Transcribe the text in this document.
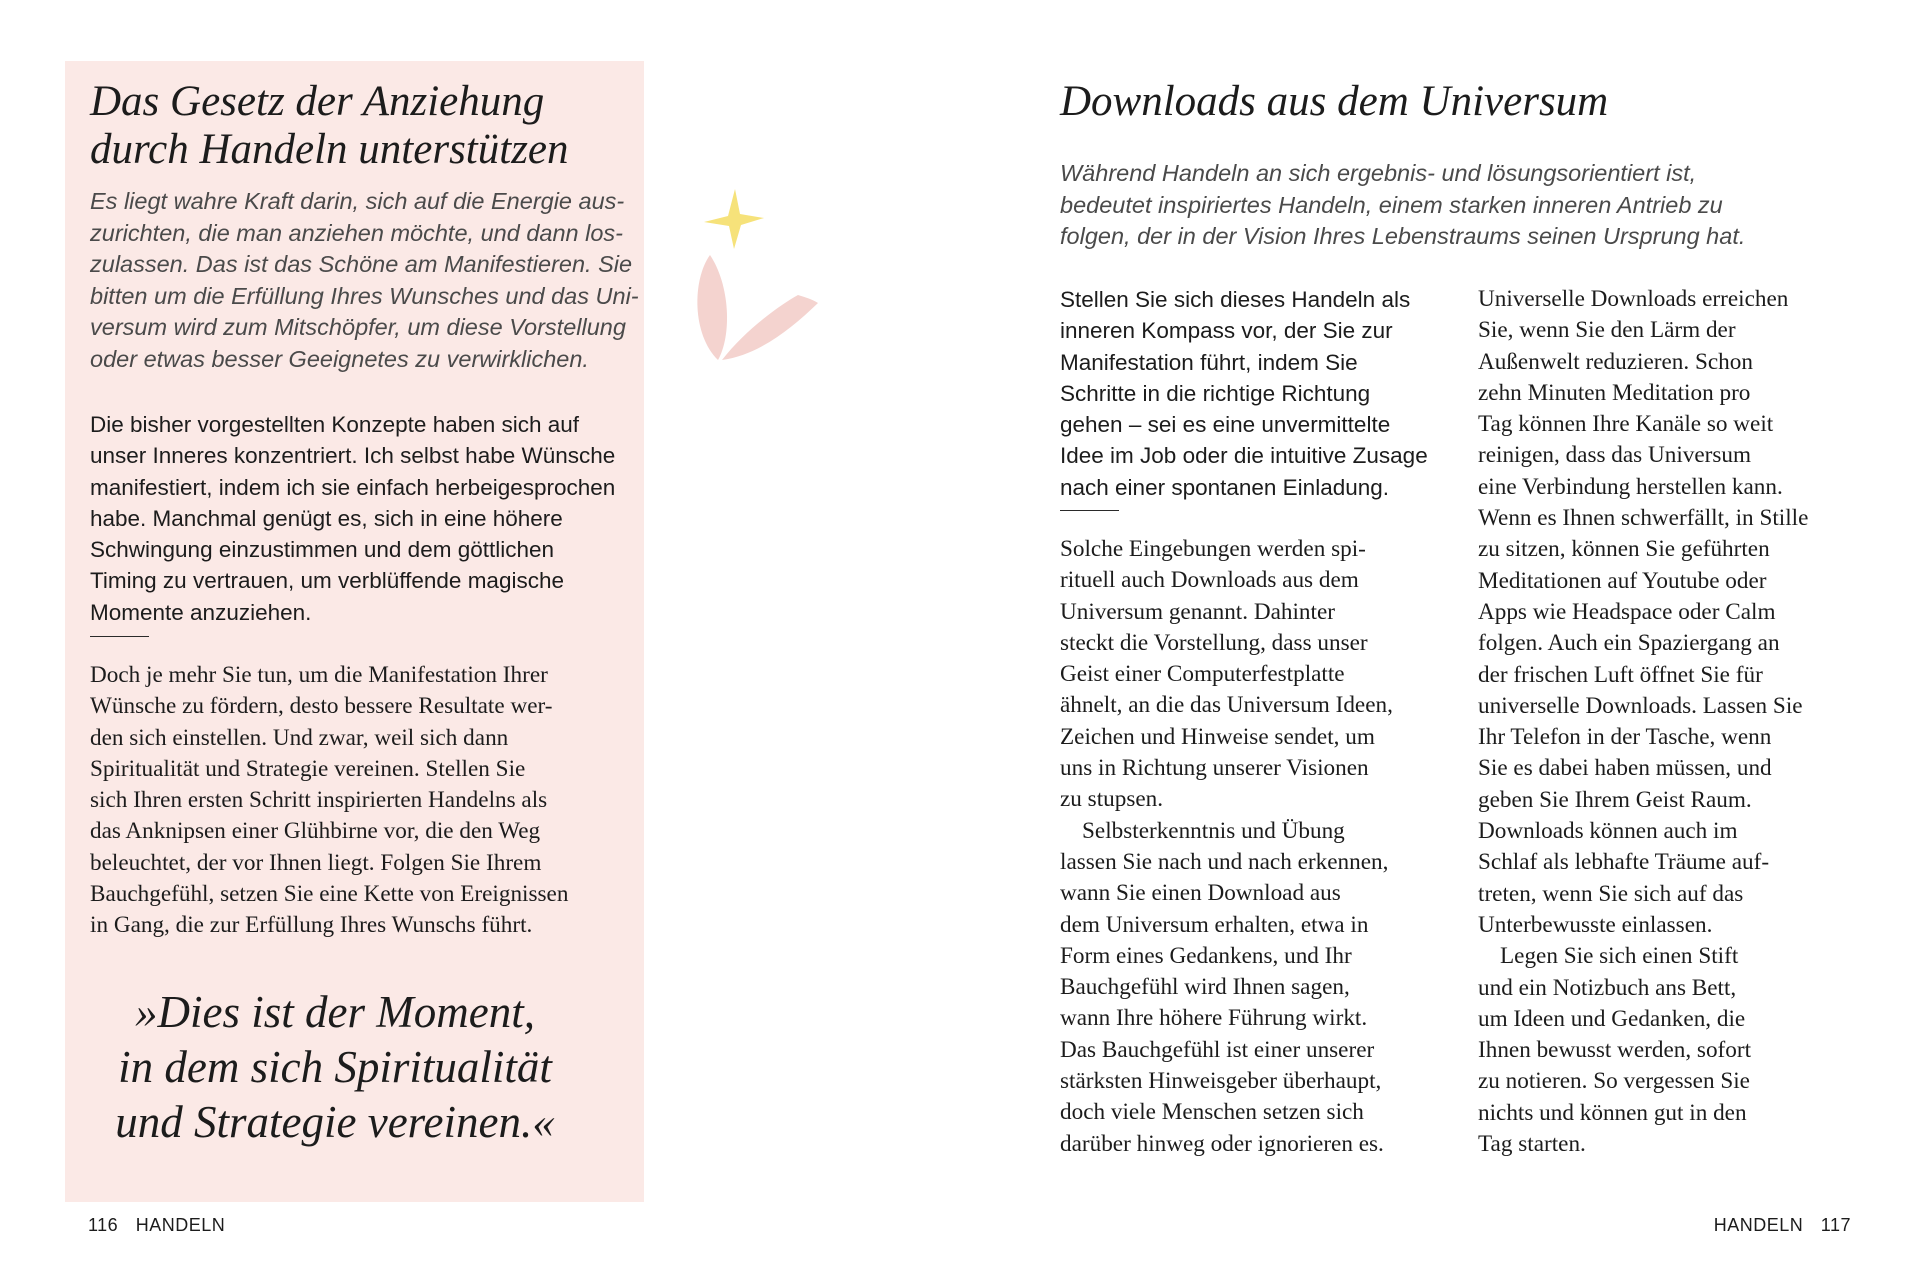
Das Gesetz der Anziehung
durch Handeln unterstützen
Es liegt wahre Kraft darin, sich auf die Energie aus-
zurichten, die man anziehen möchte, und dann los-
zulassen. Das ist das Schöne am Manifestieren. Sie
bitten um die Erfüllung Ihres Wunsches und das Uni-
versum wird zum Mitschöpfer, um diese Vorstellung
oder etwas besser Geeignetes zu verwirklichen.
Die bisher vorgestellten Konzepte haben sich auf
unser Inneres konzentriert. Ich selbst habe Wünsche
manifestiert, indem ich sie einfach herbeigesprochen
habe. Manchmal genügt es, sich in eine höhere
Schwingung einzustimmen und dem göttlichen
Timing zu vertrauen, um verblüffende magische
Momente anzuziehen.
Doch je mehr Sie tun, um die Manifestation Ihrer
Wünsche zu fördern, desto bessere Resultate wer-
den sich einstellen. Und zwar, weil sich dann
Spiritualität und Strategie vereinen. Stellen Sie
sich Ihren ersten Schritt inspirierten Handelns als
das Anknipsen einer Glühbirne vor, die den Weg
beleuchtet, der vor Ihnen liegt. Folgen Sie Ihrem
Bauchgefühl, setzen Sie eine Kette von Ereignissen
in Gang, die zur Erfüllung Ihres Wunschs führt.
»Dies ist der Moment,
in dem sich Spiritualität
und Strategie vereinen.«
116 HANDELN
Downloads aus dem Universum
Während Handeln an sich ergebnis- und lösungsorientiert ist,
bedeutet inspiriertes Handeln, einem starken inneren Antrieb zu
folgen, der in der Vision Ihres Lebenstraums seinen Ursprung hat.
Stellen Sie sich dieses Handeln als
inneren Kompass vor, der Sie zur
Manifestation führt, indem Sie
Schritte in die richtige Richtung
gehen – sei es eine unvermittelte
Idee im Job oder die intuitive Zusage
nach einer spontanen Einladung.
Solche Eingebungen werden spi-
rituell auch Downloads aus dem
Universum genannt. Dahinter
steckt die Vorstellung, dass unser
Geist einer Computerfestplatte
ähnelt, an die das Universum Ideen,
Zeichen und Hinweise sendet, um
uns in Richtung unserer Visionen
zu stupsen.
Selbsterkenntnis und Übung
lassen Sie nach und nach erkennen,
wann Sie einen Download aus
dem Universum erhalten, etwa in
Form eines Gedankens, und Ihr
Bauchgefühl wird Ihnen sagen,
wann Ihre höhere Führung wirkt.
Das Bauchgefühl ist einer unserer
stärksten Hinweisgeber überhaupt,
doch viele Menschen setzen sich
darüber hinweg oder ignorieren es.
Universelle Downloads erreichen
Sie, wenn Sie den Lärm der
Außenwelt reduzieren. Schon
zehn Minuten Meditation pro
Tag können Ihre Kanäle so weit
reinigen, dass das Universum
eine Verbindung herstellen kann.
Wenn es Ihnen schwerfällt, in Stille
zu sitzen, können Sie geführten
Meditationen auf Youtube oder
Apps wie Headspace oder Calm
folgen. Auch ein Spaziergang an
der frischen Luft öffnet Sie für
universelle Downloads. Lassen Sie
Ihr Telefon in der Tasche, wenn
Sie es dabei haben müssen, und
geben Sie Ihrem Geist Raum.
Downloads können auch im
Schlaf als lebhafte Träume auf-
treten, wenn Sie sich auf das
Unterbewusste einlassen.
Legen Sie sich einen Stift
und ein Notizbuch ans Bett,
um Ideen und Gedanken, die
Ihnen bewusst werden, sofort
zu notieren. So vergessen Sie
nichts und können gut in den
Tag starten.
HANDELN 117
